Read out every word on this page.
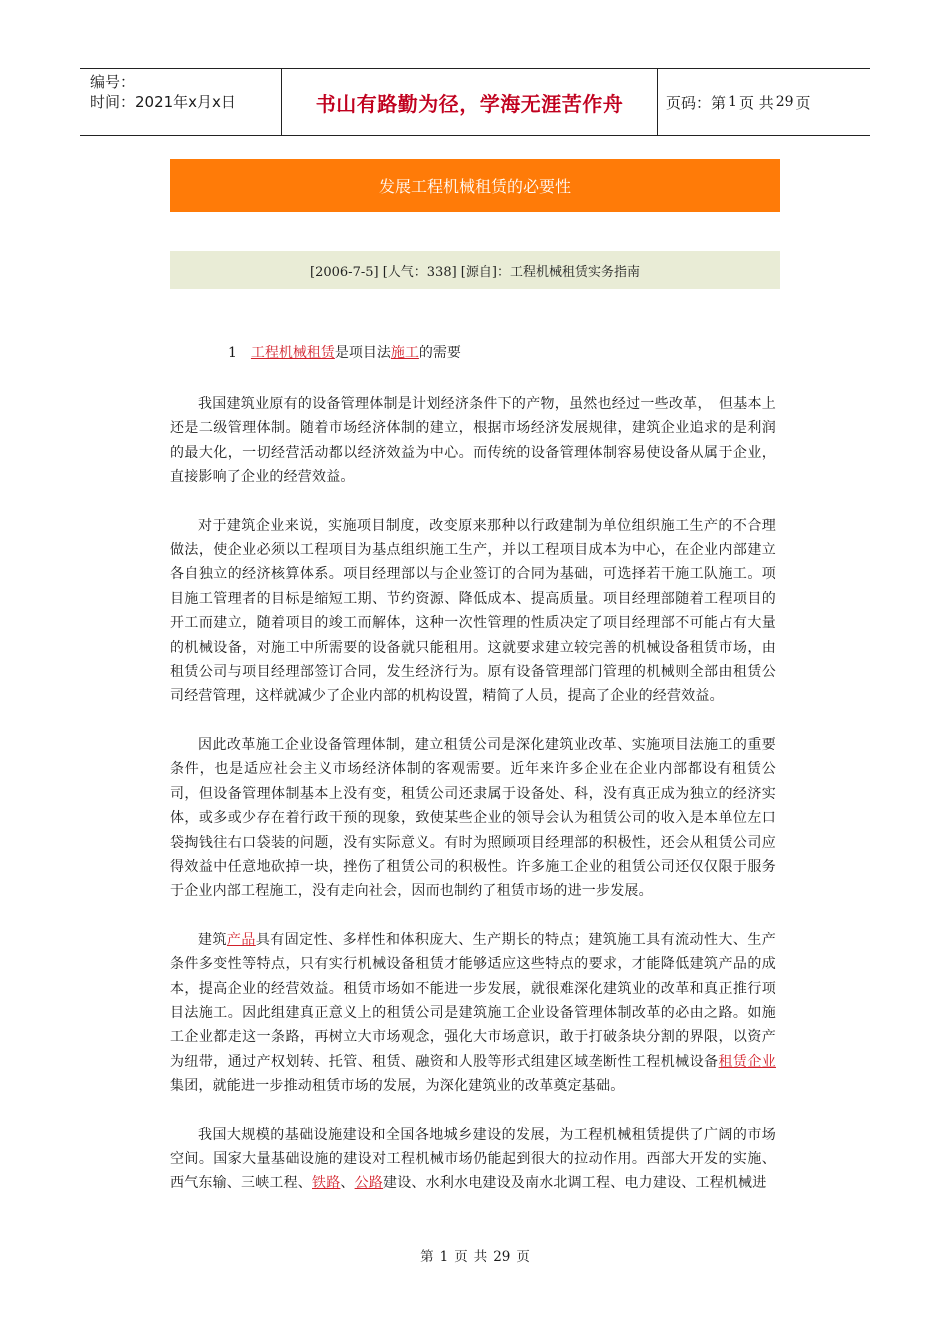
编号：
时间：2021年x月x日	书山有路勤为径，学海无涯苦作舟	页码：第 1 页 共 29 页
发展工程机械租赁的必要性
[2006-7-5] [人气：338] [源自]：工程机械租赁实务指南
1 工程机械租赁是项目法施工的需要

我国建筑业原有的设备管理体制是计划经济条件下的产物，虽然也经过一些改革，　但基本上还是二级管理体制。随着市场经济体制的建立，根据市场经济发展规律，建筑企业追求的是利润的最大化，一切经营活动都以经济效益为中心。而传统的设备管理体制容易使设备从属于企业，直接影响了企业的经营效益。

对于建筑企业来说，实施项目制度，改变原来那种以行政建制为单位组织施工生产的不合理做法，使企业必须以工程项目为基点组织施工生产，并以工程项目成本为中心，在企业内部建立各自独立的经济核算体系。项目经理部以与企业签订的合同为基础，可选择若干施工队施工。项目施工管理者的目标是缩短工期、节约资源、降低成本、提高质量。项目经理部随着工程项目的开工而建立，随着项目的竣工而解体，这种一次性管理的性质决定了项目经理部不可能占有大量的机械设备，对施工中所需要的设备就只能租用。这就要求建立较完善的机械设备租赁市场，由租赁公司与项目经理部签订合同，发生经济行为。原有设备管理部门管理的机械则全部由租赁公司经营管理，这样就减少了企业内部的机构设置，精简了人员，提高了企业的经营效益。

因此改革施工企业设备管理体制，建立租赁公司是深化建筑业改革、实施项目法施工的重要条件，也是适应社会主义市场经济体制的客观需要。近年来许多企业在企业内部都设有租赁公司，但设备管理体制基本上没有变，租赁公司还隶属于设备处、科，没有真正成为独立的经济实体，或多或少存在着行政干预的现象，致使某些企业的领导会认为租赁公司的收入是本单位左口袋掏钱往右口袋装的问题，没有实际意义。有时为照顾项目经理部的积极性，还会从租赁公司应得效益中任意地砍掉一块，挫伤了租赁公司的积极性。许多施工企业的租赁公司还仅仅限于服务于企业内部工程施工，没有走向社会，因而也制约了租赁市场的进一步发展。

建筑产品具有固定性、多样性和体积庞大、生产期长的特点；建筑施工具有流动性大、生产条件多变性等特点，只有实行机械设备租赁才能够适应这些特点的要求，才能降低建筑产品的成本，提高企业的经营效益。租赁市场如不能进一步发展，就很难深化建筑业的改革和真正推行项目法施工。因此组建真正意义上的租赁公司是建筑施工企业设备管理体制改革的必由之路。如施工企业都走这一条路，再树立大市场观念，强化大市场意识，敢于打破条块分割的界限，以资产为纽带，通过产权划转、托管、租赁、融资和人股等形式组建区域垄断性工程机械设备租赁企业集团，就能进一步推动租赁市场的发展，为深化建筑业的改革奠定基础。

我国大规模的基础设施建设和全国各地城乡建设的发展，为工程机械租赁提供了广阔的市场空间。国家大量基础设施的建设对工程机械市场仍能起到很大的拉动作用。西部大开发的实施、西气东输、三峡工程、铁路、公路建设、水利水电建设及南水北调工程、电力建设、工程机械进

第 1 页 共 29 页
